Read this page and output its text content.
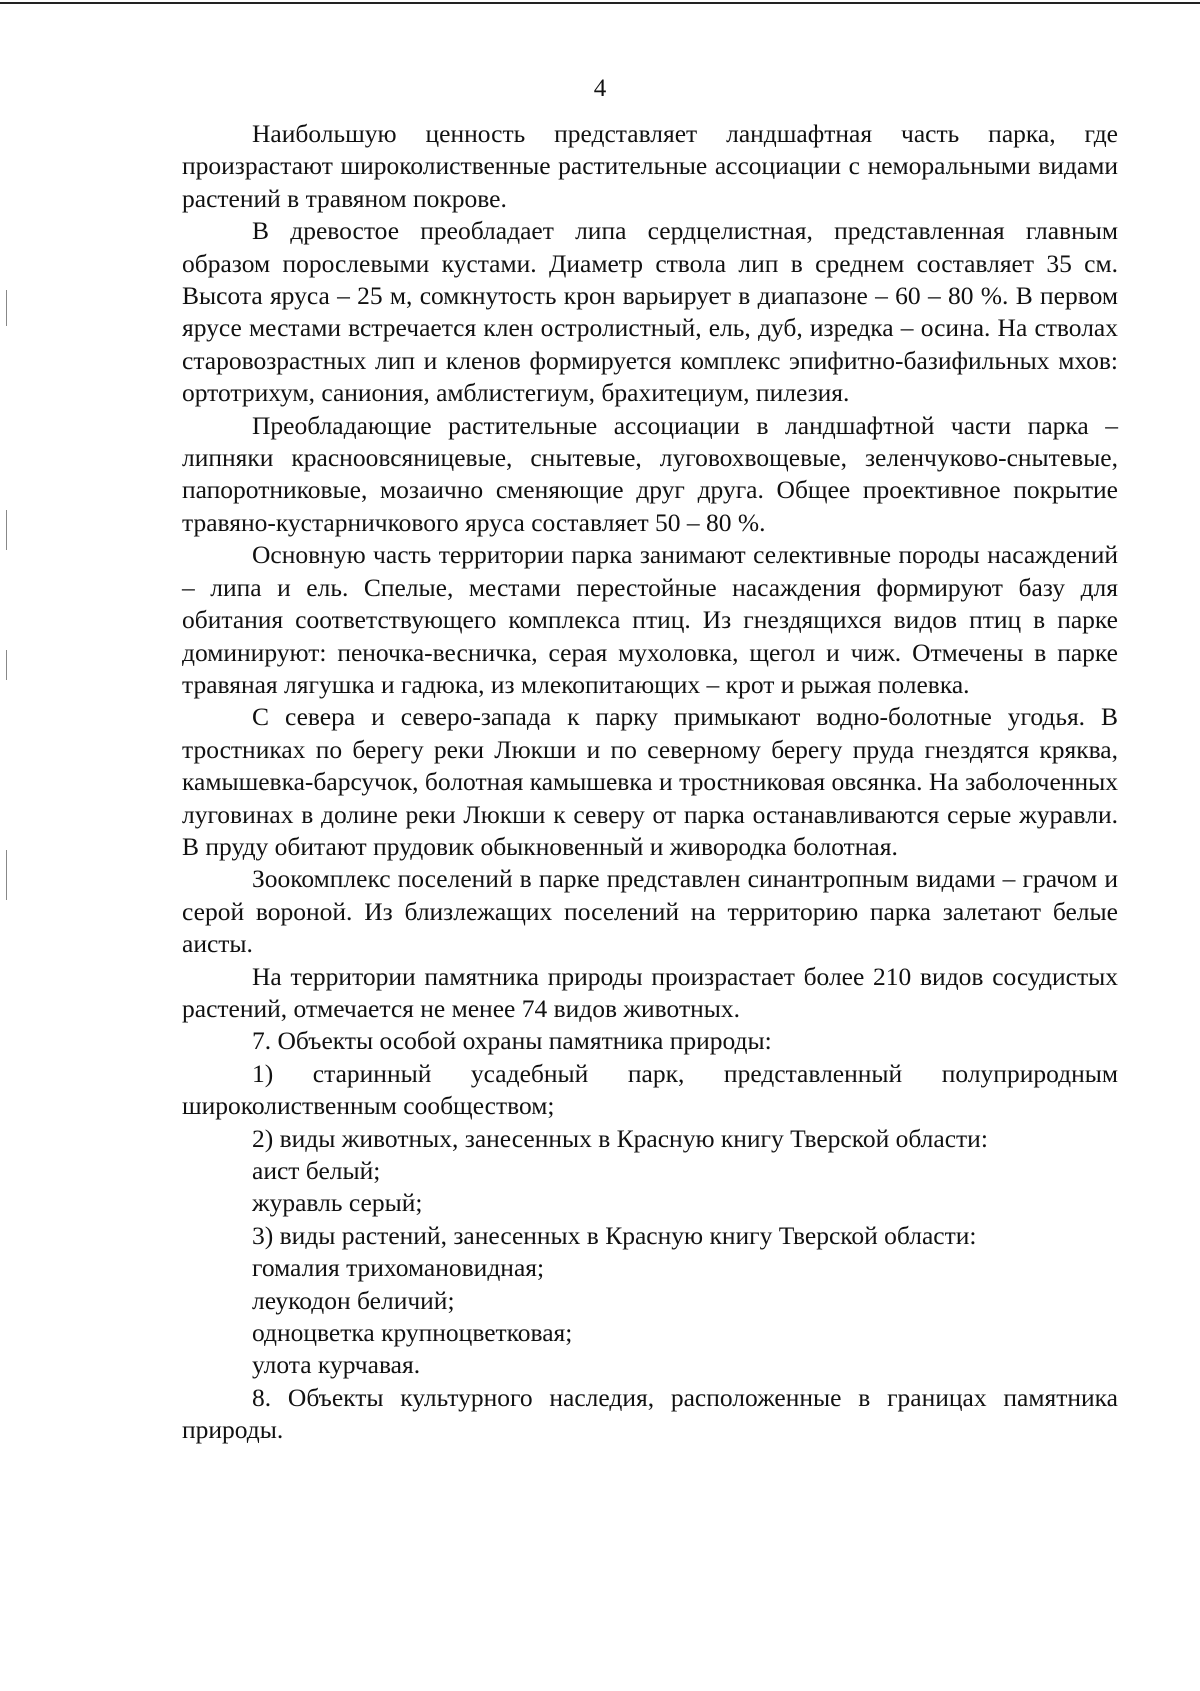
4

Наибольшую ценность представляет ландшафтная часть парка, где произрастают широколиственные растительные ассоциации с неморальными видами растений в травяном покрове.

В древостое преобладает липа сердцелистная, представленная главным образом порослевыми кустами. Диаметр ствола лип в среднем составляет 35 см. Высота яруса – 25 м, сомкнутость крон варьирует в диапазоне – 60 – 80 %. В первом ярусе местами встречается клен остролистный, ель, дуб, изредка – осина. На стволах старовозрастных лип и кленов формируется комплекс эпифитно-базифильных мхов: ортотрихум, саниония, амблистегиум, брахитециум, пилезия.

Преобладающие растительные ассоциации в ландшафтной части парка – липняки красноовсяницевые, снытевые, луговохвощевые, зеленчуково-снытевые, папоротниковые, мозаично сменяющие друг друга. Общее проективное покрытие травяно-кустарничкового яруса составляет 50 – 80 %.

Основную часть территории парка занимают селективные породы насаждений – липа и ель. Спелые, местами перестойные насаждения формируют базу для обитания соответствующего комплекса птиц. Из гнездящихся видов птиц в парке доминируют: пеночка-весничка, серая мухоловка, щегол и чиж. Отмечены в парке травяная лягушка и гадюка, из млекопитающих – крот и рыжая полевка.

С севера и северо-запада к парку примыкают водно-болотные угодья. В тростниках по берегу реки Люкши и по северному берегу пруда гнездятся кряква, камышевка-барсучок, болотная камышевка и тростниковая овсянка. На заболоченных луговинах в долине реки Люкши к северу от парка останавливаются серые журавли. В пруду обитают прудовик обыкновенный и живородка болотная.

Зоокомплекс поселений в парке представлен синантропным видами – грачом и серой вороной. Из близлежащих поселений на территорию парка залетают белые аисты.

На территории памятника природы произрастает более 210 видов сосудистых растений, отмечается не менее 74 видов животных.

7. Объекты особой охраны памятника природы:

1) старинный усадебный парк, представленный полуприродным широколиственным сообществом;

2) виды животных, занесенных в Красную книгу Тверской области:

аист белый;

журавль серый;

3) виды растений, занесенных в Красную книгу Тверской области:

гомалия трихомановидная;

леукодон беличий;

одноцветка крупноцветковая;

улота курчавая.

8. Объекты культурного наследия, расположенные в границах памятника природы.
